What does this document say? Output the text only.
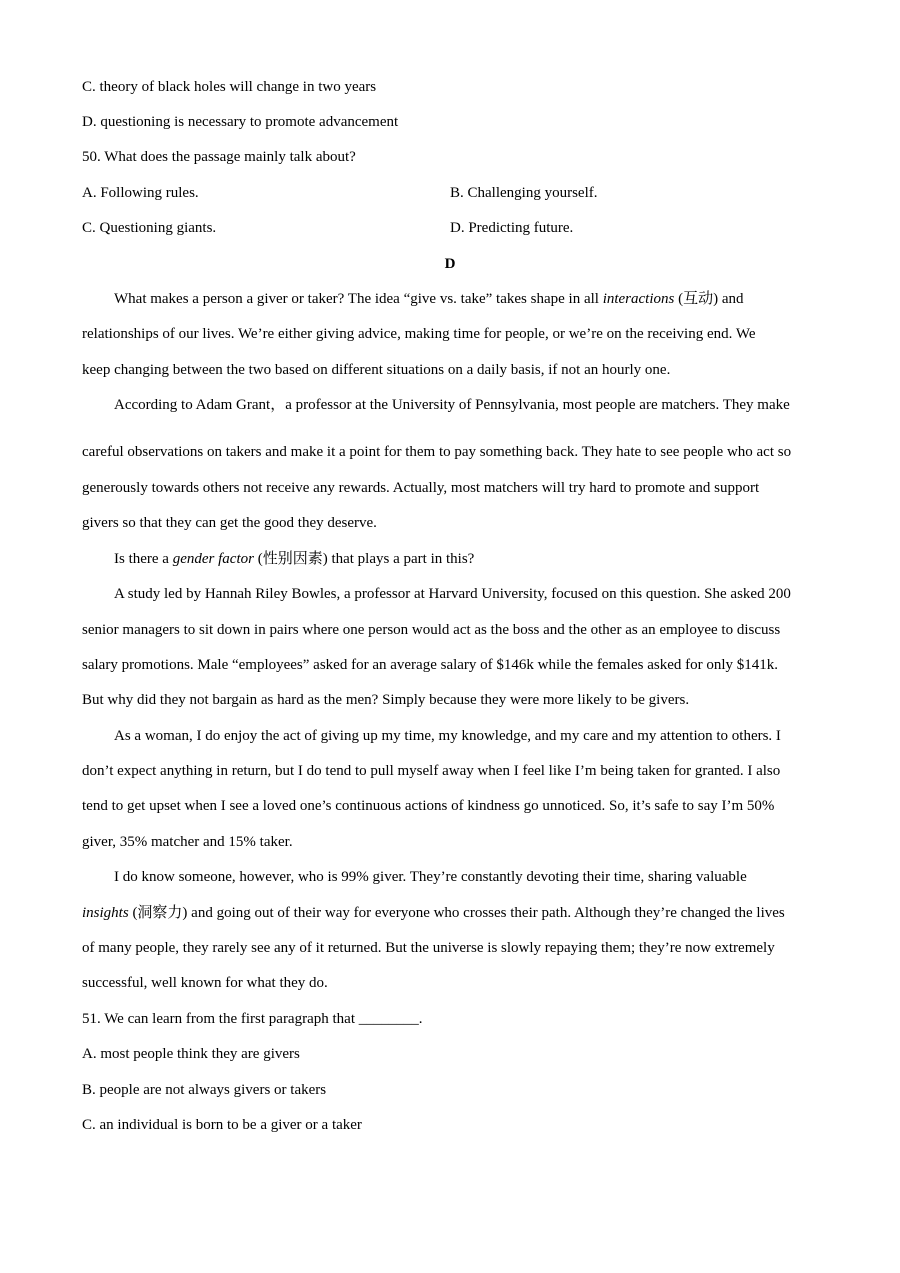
C. theory of black holes will change in two years
D. questioning is necessary to promote advancement
50. What does the passage mainly talk about?
A. Following rules.	B. Challenging yourself.
C. Questioning giants.	D. Predicting future.
D
What makes a person a giver or taker? The idea “give vs. take” takes shape in all interactions (互动) and
relationships of our lives. We’re either giving advice, making time for people, or we’re on the receiving end. We
keep changing between the two based on different situations on a daily basis, if not an hourly one.
According to Adam Grant，a professor at the University of Pennsylvania, most people are matchers. They make
careful observations on takers and make it a point for them to pay something back. They hate to see people who act so
generously towards others not receive any rewards. Actually, most matchers will try hard to promote and support
givers so that they can get the good they deserve.
Is there a gender factor (性别因素) that plays a part in this?
A study led by Hannah Riley Bowles, a professor at Harvard University, focused on this question. She asked 200
senior managers to sit down in pairs where one person would act as the boss and the other as an employee to discuss
salary promotions. Male “employees” asked for an average salary of $146k while the females asked for only $141k.
But why did they not bargain as hard as the men? Simply because they were more likely to be givers.
As a woman, I do enjoy the act of giving up my time, my knowledge, and my care and my attention to others. I
don’t expect anything in return, but I do tend to pull myself away when I feel like I’m being taken for granted. I also
tend to get upset when I see a loved one’s continuous actions of kindness go unnoticed. So, it’s safe to say I’m 50%
giver, 35% matcher and 15% taker.
I do know someone, however, who is 99% giver. They’re constantly devoting their time, sharing valuable
insights (洞察力) and going out of their way for everyone who crosses their path. Although they’re changed the lives
of many people, they rarely see any of it returned. But the universe is slowly repaying them; they’re now extremely
successful, well known for what they do.
51. We can learn from the first paragraph that ________.
A. most people think they are givers
B. people are not always givers or takers
C. an individual is born to be a giver or a taker
